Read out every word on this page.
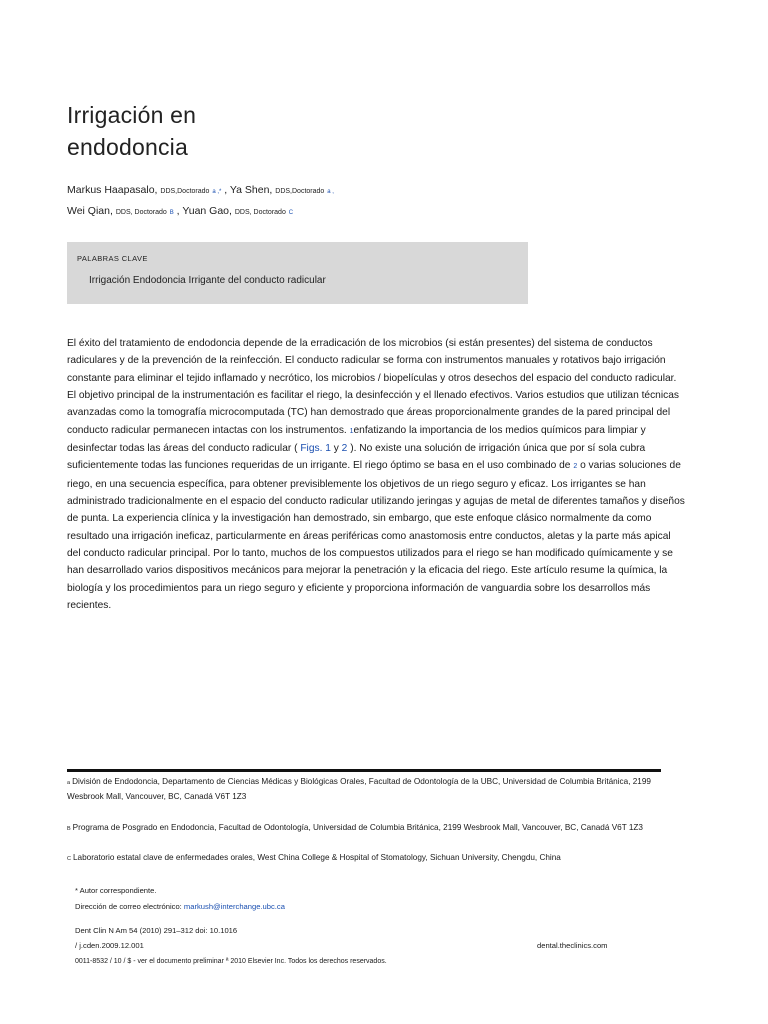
Irrigación en
endodoncia
Markus Haapasalo, DDS,Doctorado a ,* , Ya Shen, DDS,Doctorado a ,
Wei Qian, DDS, Doctorado B , Yuan Gao, DDS, Doctorado C
PALABRAS CLAVE
Irrigación Endodoncia Irrigante del conducto radicular

El éxito del tratamiento de endodoncia depende de la erradicación de los microbios (si están presentes) del sistema de conductos radiculares y de la prevención de la reinfección. El conducto radicular se forma con instrumentos manuales y rotativos bajo irrigación constante para eliminar el tejido inflamado y necrótico, los microbios / biopelículas y otros desechos del espacio del conducto radicular. El objetivo principal de la instrumentación es facilitar el riego, la desinfección y el llenado efectivos. Varios estudios que utilizan técnicas avanzadas como la tomografía microcomputada (TC) han demostrado que áreas proporcionalmente grandes de la pared principal del conducto radicular permanecen intactas con los instrumentos. 1enfatizando la importancia de los medios químicos para limpiar y desinfectar todas las áreas del conducto radicular ( Figs. 1 y 2 ). No existe una solución de irrigación única que por sí sola cubra suficientemente todas las funciones requeridas de un irrigante. El riego óptimo se basa en el uso combinado de 2 o varias soluciones de riego, en una secuencia específica, para obtener previsiblemente los objetivos de un riego seguro y eficaz. Los irrigantes se han administrado tradicionalmente en el espacio del conducto radicular utilizando jeringas y agujas de metal de diferentes tamaños y diseños de punta. La experiencia clínica y la investigación han demostrado, sin embargo, que este enfoque clásico normalmente da como resultado una irrigación ineficaz, particularmente en áreas periféricas como anastomosis entre conductos, aletas y la parte más apical del conducto radicular principal. Por lo tanto, muchos de los compuestos utilizados para el riego se han modificado químicamente y se han desarrollado varios dispositivos mecánicos para mejorar la penetración y la eficacia del riego. Este artículo resume la química, la biología y los procedimientos para un riego seguro y eficiente y proporciona información de vanguardia sobre los desarrollos más recientes.

a División de Endodoncia, Departamento de Ciencias Médicas y Biológicas Orales, Facultad de Odontología de la UBC, Universidad de Columbia Británica, 2199 Wesbrook Mall, Vancouver, BC, Canadá V6T 1Z3
B Programa de Posgrado en Endodoncia, Facultad de Odontología, Universidad de Columbia Británica, 2199 Wesbrook Mall, Vancouver, BC, Canadá V6T 1Z3
C Laboratorio estatal clave de enfermedades orales, West China College & Hospital of Stomatology, Sichuan University, Chengdu, China
* Autor correspondiente.
Dirección de correo electrónico: markush@interchange.ubc.ca
Dent Clin N Am 54 (2010) 291–312 doi: 10.1016
/ j.cden.2009.12.001	dental.theclinics.com
0011-8532 / 10 / $ - ver el documento preliminar ª 2010 Elsevier Inc. Todos los derechos reservados.
